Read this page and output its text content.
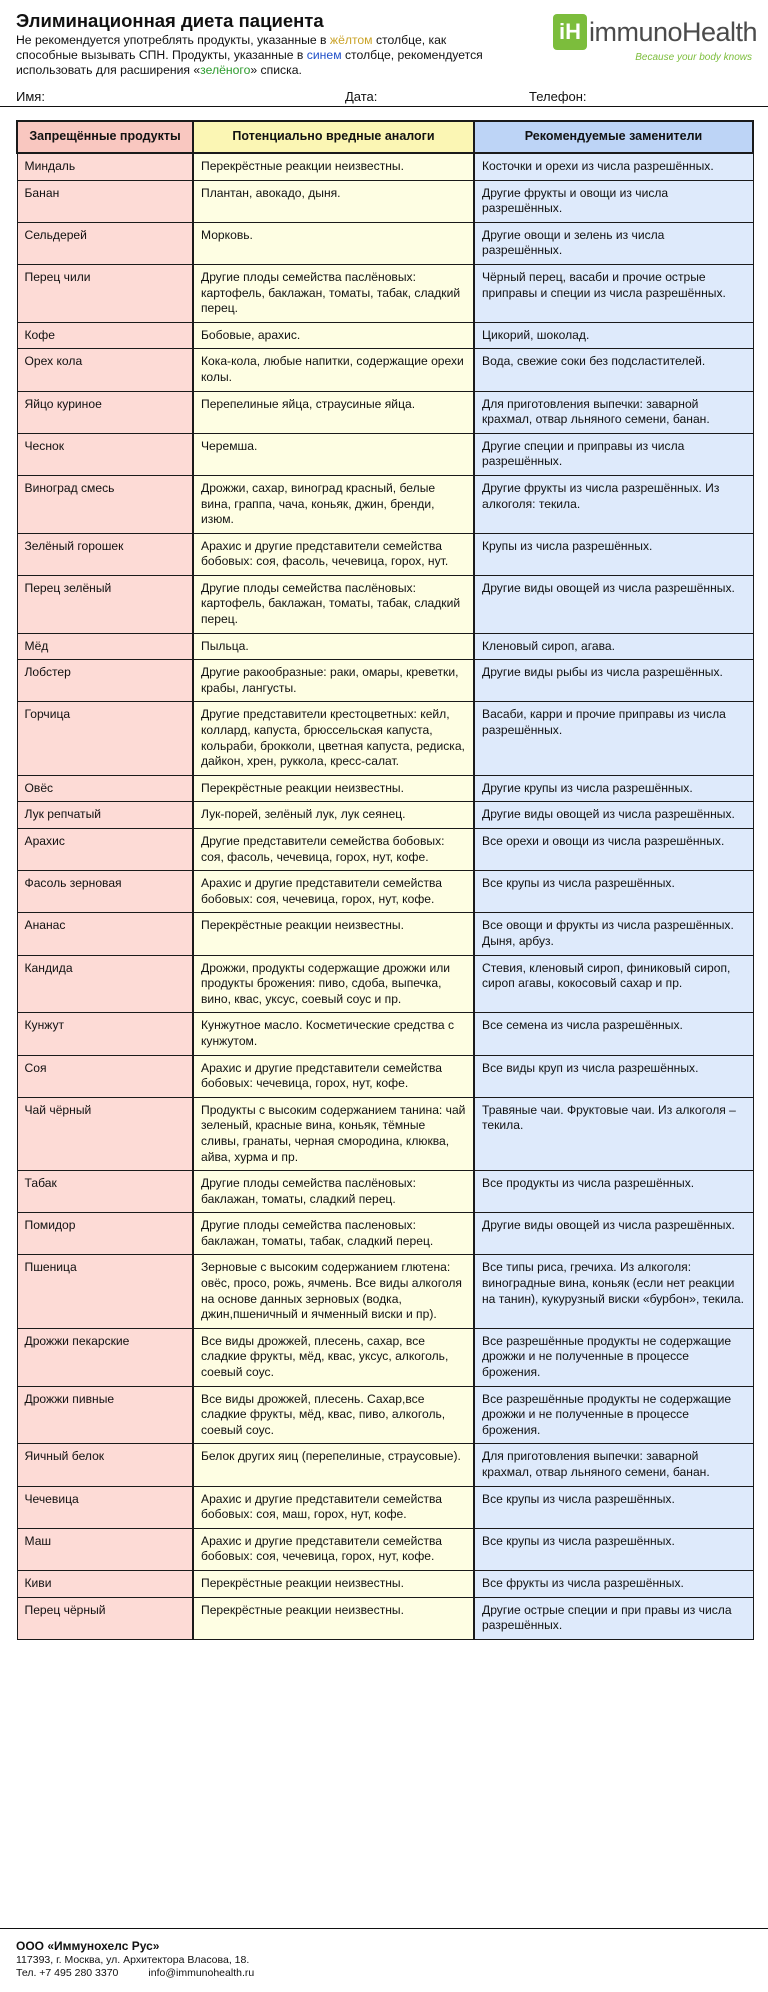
Элиминационная диета пациента
Не рекомендуется употреблять продукты, указанные в жёлтом столбце, как способные вызывать СПН. Продукты, указанные в синем столбце, рекомендуется использовать для расширения «зелёного» списка.
iH immunoHealth
Because your body knows
Имя:	Дата:	Телефон:
Запрещённые продукты	Потенциально вредные аналоги	Рекомендуемые заменители
Миндаль	Перекрёстные реакции неизвестны.	Косточки и орехи из числа разрешённых.
Банан	Плантан, авокадо, дыня.	Другие фрукты и овощи из числа разрешённых.
Сельдерей	Морковь.	Другие овощи и зелень из числа разрешённых.
Перец чили	Другие плоды семейства паслёновых: картофель, баклажан, томаты, табак, сладкий перец.	Чёрный перец, васаби и прочие острые приправы и специи из числа разрешённых.
Кофе	Бобовые, арахис.	Цикорий, шоколад.
Орех кола	Кока-кола, любые напитки, содержащие орехи колы.	Вода, свежие соки без подсластителей.
Яйцо куриное	Перепелиные яйца, страусиные яйца.	Для приготовления выпечки: заварной крахмал, отвар льняного семени, банан.
Чеснок	Черемша.	Другие специи и приправы из числа разрешённых.
Виноград смесь	Дрожжи, сахар, виноград красный, белые вина, граппа, чача, коньяк, джин, бренди, изюм.	Другие фрукты из числа разрешённых. Из алкоголя: текила.
Зелёный горошек	Арахис и другие представители семейства бобовых: соя, фасоль, чечевица, горох, нут.	Крупы из числа разрешённых.
Перец зелёный	Другие плоды семейства паслёновых: картофель, баклажан, томаты, табак, сладкий перец.	Другие виды овощей из числа разрешённых.
Мёд	Пыльца.	Кленовый сироп, агава.
Лобстер	Другие ракообразные: раки, омары, креветки, крабы, лангусты.	Другие виды рыбы из числа разрешённых.
Горчица	Другие представители крестоцветных: кейл, коллард, капуста, брюссельская капуста, кольраби, брокколи, цветная капуста, редиска, дайкон, хрен, руккола, кресс-салат.	Васаби, карри и прочие приправы из числа разрешённых.
Овёс	Перекрёстные реакции неизвестны.	Другие крупы из числа разрешённых.
Лук репчатый	Лук-порей, зелёный лук, лук сеянец.	Другие виды овощей из числа разрешённых.
Арахис	Другие представители семейства бобовых: соя, фасоль, чечевица, горох, нут, кофе.	Все орехи и овощи из числа разрешённых.
Фасоль зерновая	Арахис и другие представители семейства бобовых: соя, чечевица, горох, нут, кофе.	Все крупы из числа разрешённых.
Ананас	Перекрёстные реакции неизвестны.	Все овощи и фрукты из числа разрешённых. Дыня, арбуз.
Кандида	Дрожжи, продукты содержащие дрожжи или продукты брожения: пиво, сдоба, выпечка, вино, квас, уксус, соевый соус и пр.	Стевия, кленовый сироп, финиковый сироп, сироп агавы, кокосовый сахар и пр.
Кунжут	Кунжутное масло. Косметические средства с кунжутом.	Все семена из числа разрешённых.
Соя	Арахис и другие представители семейства бобовых: чечевица, горох, нут, кофе.	Все виды круп из числа разрешённых.
Чай чёрный	Продукты с высоким содержанием танина: чай зеленый, красные вина, коньяк, тёмные сливы, гранаты, черная смородина, клюква, айва, хурма и пр.	Травяные чаи. Фруктовые чаи. Из алкоголя – текила.
Табак	Другие плоды семейства паслёновых: баклажан, томаты, сладкий перец.	Все продукты из числа разрешённых.
Помидор	Другие плоды семейства пасленовых: баклажан, томаты, табак, сладкий перец.	Другие виды овощей из числа разрешённых.
Пшеница	Зерновые с высоким содержанием глютена: овёс, просо, рожь, ячмень. Все виды алкоголя на основе данных зерновых (водка, джин,пшеничный и ячменный виски и пр).	Все типы риса, гречиха. Из алкоголя: виноградные вина, коньяк (если нет реакции на танин), кукурузный виски «бурбон», текила.
Дрожжи пекарские	Все виды дрожжей, плесень, сахар, все сладкие фрукты, мёд, квас, уксус, алкоголь, соевый соус.	Все разрешённые продукты не содержащие дрожжи и не полученные в процессе брожения.
Дрожжи пивные	Все виды дрожжей, плесень. Сахар,все сладкие фрукты, мёд, квас, пиво, алкоголь, соевый соус.	Все разрешённые продукты не содержащие дрожжи и не полученные в процессе брожения.
Яичный белок	Белок других яиц (перепелиные, страусовые).	Для приготовления выпечки: заварной крахмал, отвар льняного семени, банан.
Чечевица	Арахис и другие представители семейства бобовых: соя, маш, горох, нут, кофе.	Все крупы из числа разрешённых.
Маш	Арахис и другие представители семейства бобовых: соя, чечевица, горох, нут, кофе.	Все крупы из числа разрешённых.
Киви	Перекрёстные реакции неизвестны.	Все фрукты из числа разрешённых.
Перец чёрный	Перекрёстные реакции неизвестны.	Другие острые специи и при правы из числа разрешённых.
ООО «Иммунохелс Рус»
117393, г. Москва, ул. Архитектора Власова, 18.
Тел. +7 495 280 3370	info@immunohealth.ru
